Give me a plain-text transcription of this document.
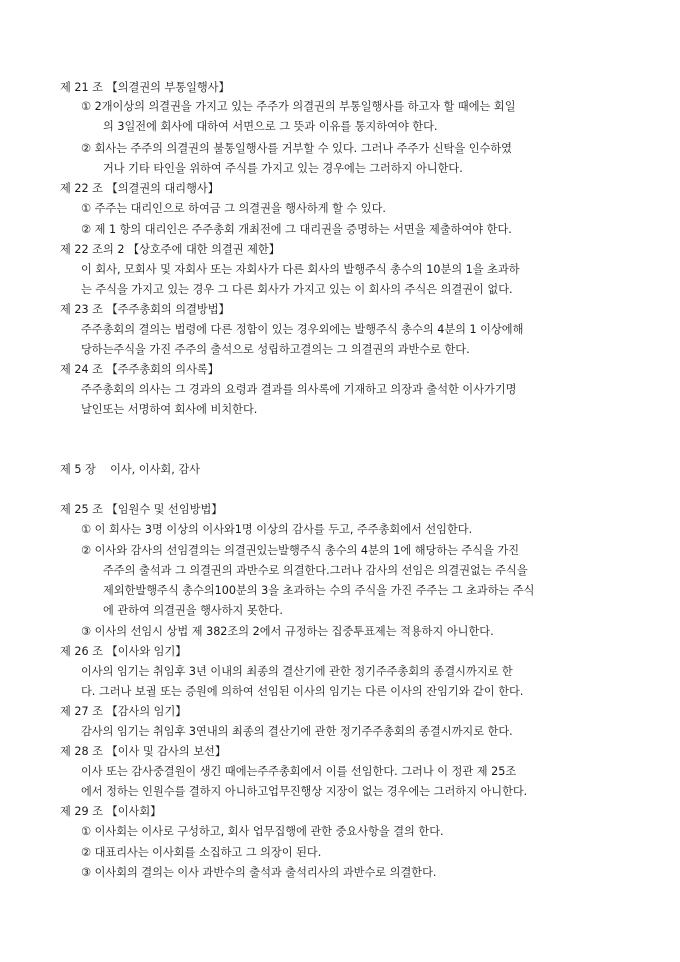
제 21 조 【의결권의 부통일행사】
① 2개이상의 의결권을 가지고 있는 주주가 의결권의 부통일행사를 하고자 할 때에는 회일
의 3일전에 회사에 대하여 서면으로 그 뜻과 이유를 통지하여야 한다.
② 회사는 주주의 의결권의 불통일행사를 거부할 수 있다. 그러나 주주가 신탁을 인수하였
거나 기타 타인을 위하여 주식를 가지고 있는 경우에는 그러하지 아니한다.
제 22 조 【의결권의 대리행사】
① 주주는 대리인으로 하여금 그 의결권을 행사하게 할 수 있다.
② 제 1 항의 대리인은 주주총회 개최전에 그 대리권을 증명하는 서면을 제출하여야 한다.
제 22 조의 2 【상호주에 대한 의결권 제한】
이 회사, 모회사 및 자회사 또는 자회사가 다른 회사의 발행주식 총수의 10분의 1을 초과하
는 주식을 가지고 있는 경우 그 다른 회사가 가지고 있는 이 회사의 주식은 의결권이 없다.
제 23 조 【주주총회의 의결방법】
주주총회의 결의는 법령에 다른 정함이 있는 경우외에는 발행주식 총수의 4분의 1 이상에해
당하는주식을 가진 주주의 출석으로 성립하고결의는 그 의결권의 과반수로 한다.
제 24 조 【주주총회의 의사록】
주주총회의 의사는 그 경과의 요령과 결과를 의사록에 기재하고 의장과 출석한 이사가기명
날인또는 서명하여 회사에 비치한다.
제 5 장    이사, 이사회, 감사
제 25 조 【임원수 및 선임방법】
① 이 회사는 3명 이상의 이사와1명 이상의 감사를 두고, 주주총회에서 선임한다.
② 이사와 감사의 선임결의는 의결권있는발행주식 총수의 4분의 1에 해당하는 주식을 가진
주주의 출석과 그 의결권의 과반수로 의결한다.그러나 감사의 선임은 의결권없는 주식을
제외한발행주식 총수의100분의 3을 초과하는 수의 주식을 가진 주주는 그 초과하는 주식
에 관하여 의결권을 행사하지 못한다.
③ 이사의 선임시 상법 제 382조의 2에서 규정하는 집중투표제는 적용하지 아니한다.
제 26 조 【이사와 임기】
이사의 임기는 취임후 3년 이내의 최종의 결산기에 관한 정기주주총회의 종결시까지로 한
다. 그러나 보궐 또는 증원에 의하여 선임된 이사의 임기는 다른 이사의 잔임기와 같이 한다.
제 27 조 【감사의 임기】
감사의 임기는 취임후 3연내의 최종의 결산기에 관한 정기주주총회의 종결시까지로 한다.
제 28 조 【이사 및 감사의 보선】
이사 또는 감사중결원이 생긴 때에는주주총회에서 이를 선임한다. 그러나 이 정관 제 25조
에서 정하는 인원수를 결하지 아니하고업무진행상 지장이 없는 경우에는 그러하지 아니한다.
제 29 조 【이사회】
① 이사회는 이사로 구성하고, 회사 업무집행에 관한 중요사항을 결의 한다.
② 대표리사는 이사회를 소집하고 그 의장이 된다.
③ 이사회의 결의는 이사 과반수의 출석과 출석리사의 과반수로 의결한다.
